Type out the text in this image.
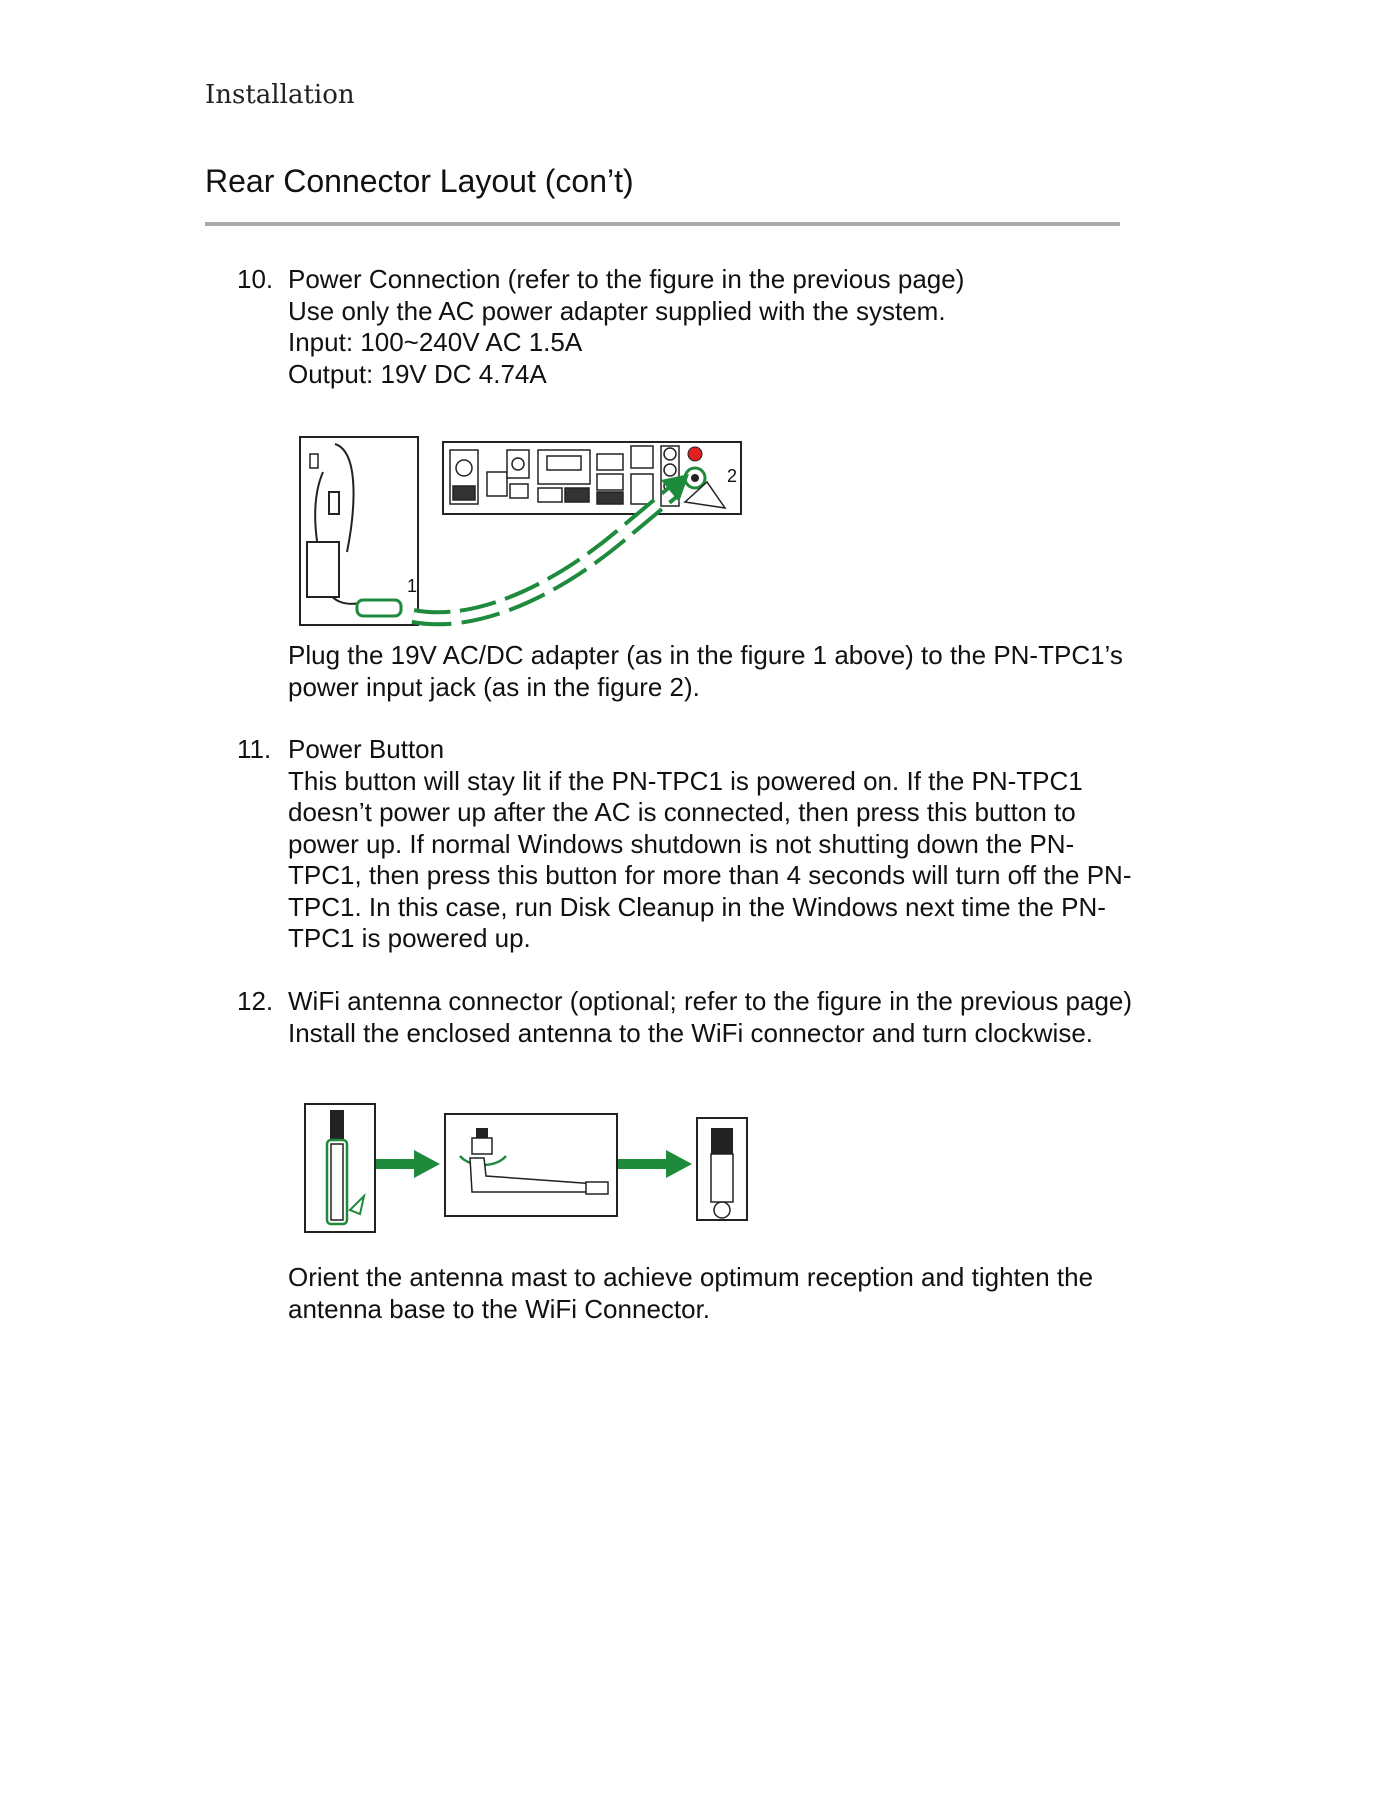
Installation
Rear Connector Layout (con’t)
10. Power Connection (refer to the figure in the previous page)
Use only the AC power adapter supplied with the system.
Input: 100~240V AC 1.5A
Output: 19V DC 4.74A
1
2
Plug the 19V AC/DC adapter (as in the figure 1 above) to the PN-TPC1’s
power input jack (as in the figure 2).
11. Power Button
This button will stay lit if the PN-TPC1 is powered on. If the PN-TPC1
doesn’t power up after the AC is connected, then press this button to
power up. If normal Windows shutdown is not shutting down the PN-
TPC1, then press this button for more than 4 seconds will turn off the PN-
TPC1. In this case, run Disk Cleanup in the Windows next time the PN-
TPC1 is powered up.
12. WiFi antenna connector (optional; refer to the figure in the previous page)
Install the enclosed antenna to the WiFi connector and turn clockwise.
Orient the antenna mast to achieve optimum reception and tighten the
antenna base to the WiFi Connector.
